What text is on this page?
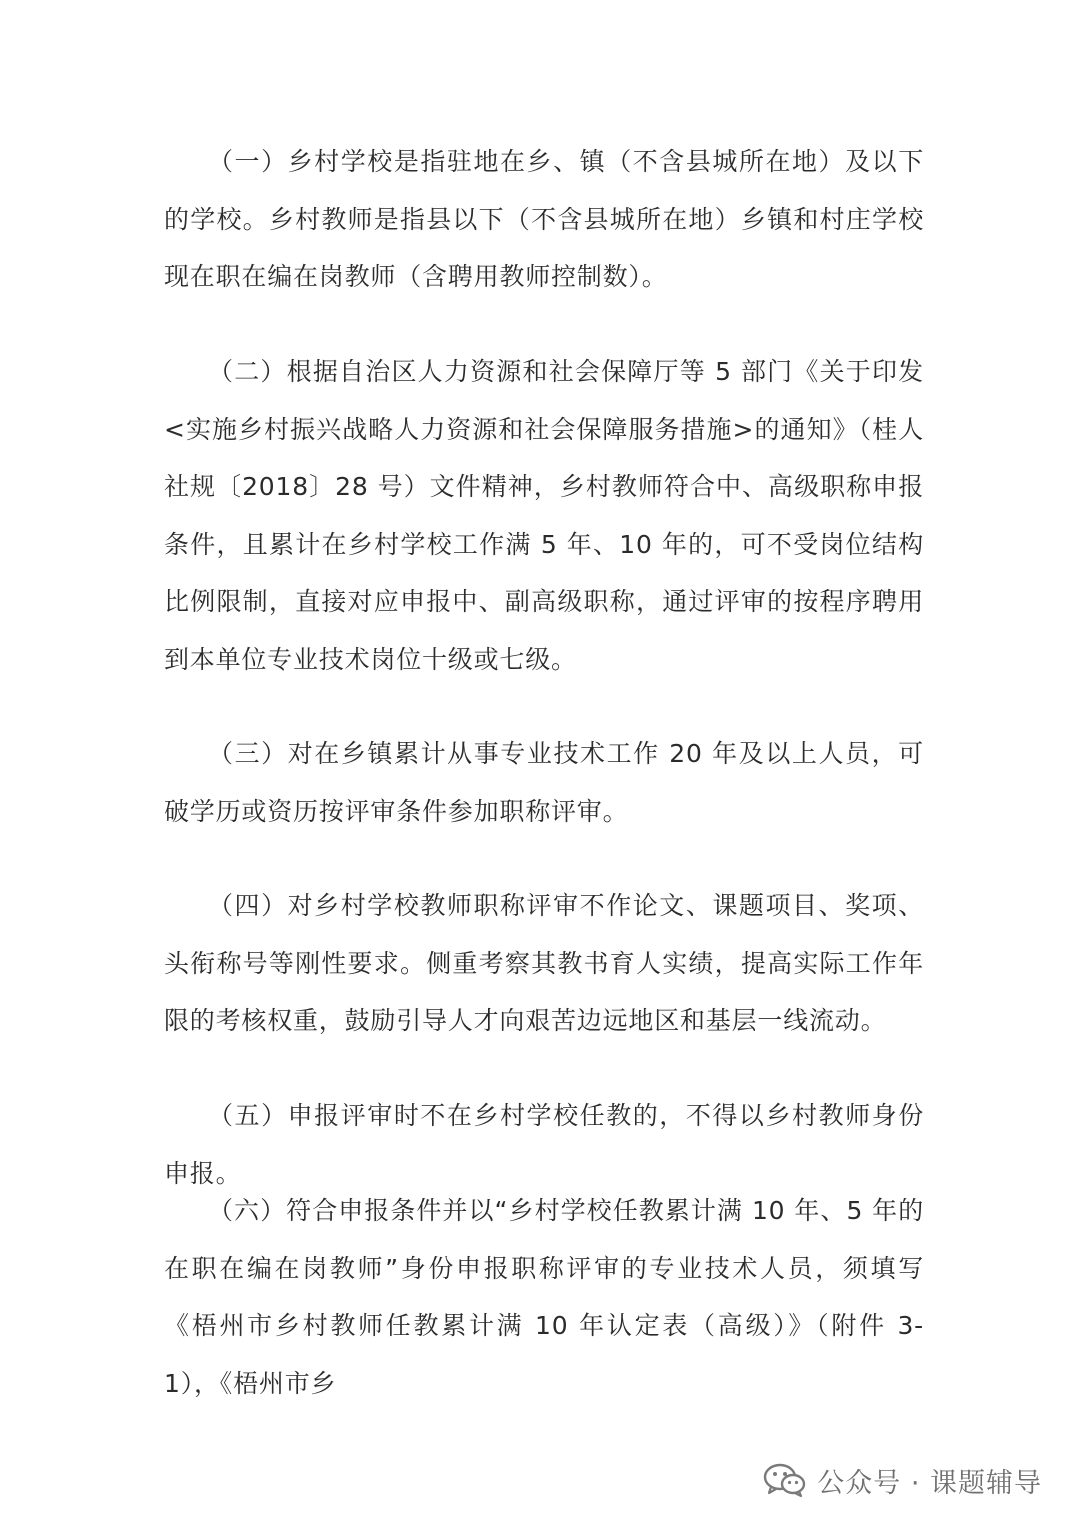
（一）乡村学校是指驻地在乡、镇（不含县城所在地）及以下的学校。乡村教师是指县以下（不含县城所在地）乡镇和村庄学校现在职在编在岗教师（含聘用教师控制数）。

（二）根据自治区人力资源和社会保障厅等 5 部门《关于印发<实施乡村振兴战略人力资源和社会保障服务措施>的通知》（桂人社规〔2018〕28 号）文件精神，乡村教师符合中、高级职称申报条件，且累计在乡村学校工作满 5 年、10 年的，可不受岗位结构比例限制，直接对应申报中、副高级职称，通过评审的按程序聘用到本单位专业技术岗位十级或七级。

（三）对在乡镇累计从事专业技术工作 20 年及以上人员，可破学历或资历按评审条件参加职称评审。

（四）对乡村学校教师职称评审不作论文、课题项目、奖项、头衔称号等刚性要求。侧重考察其教书育人实绩，提高实际工作年限的考核权重，鼓励引导人才向艰苦边远地区和基层一线流动。

（五）申报评审时不在乡村学校任教的，不得以乡村教师身份申报。

（六）符合申报条件并以“乡村学校任教累计满 10 年、5 年的在职在编在岗教师”身份申报职称评审的专业技术人员，须填写《梧州市乡村教师任教累计满 10 年认定表（高级）》（附件 3-1），《梧州市乡

公众号 · 课题辅导
